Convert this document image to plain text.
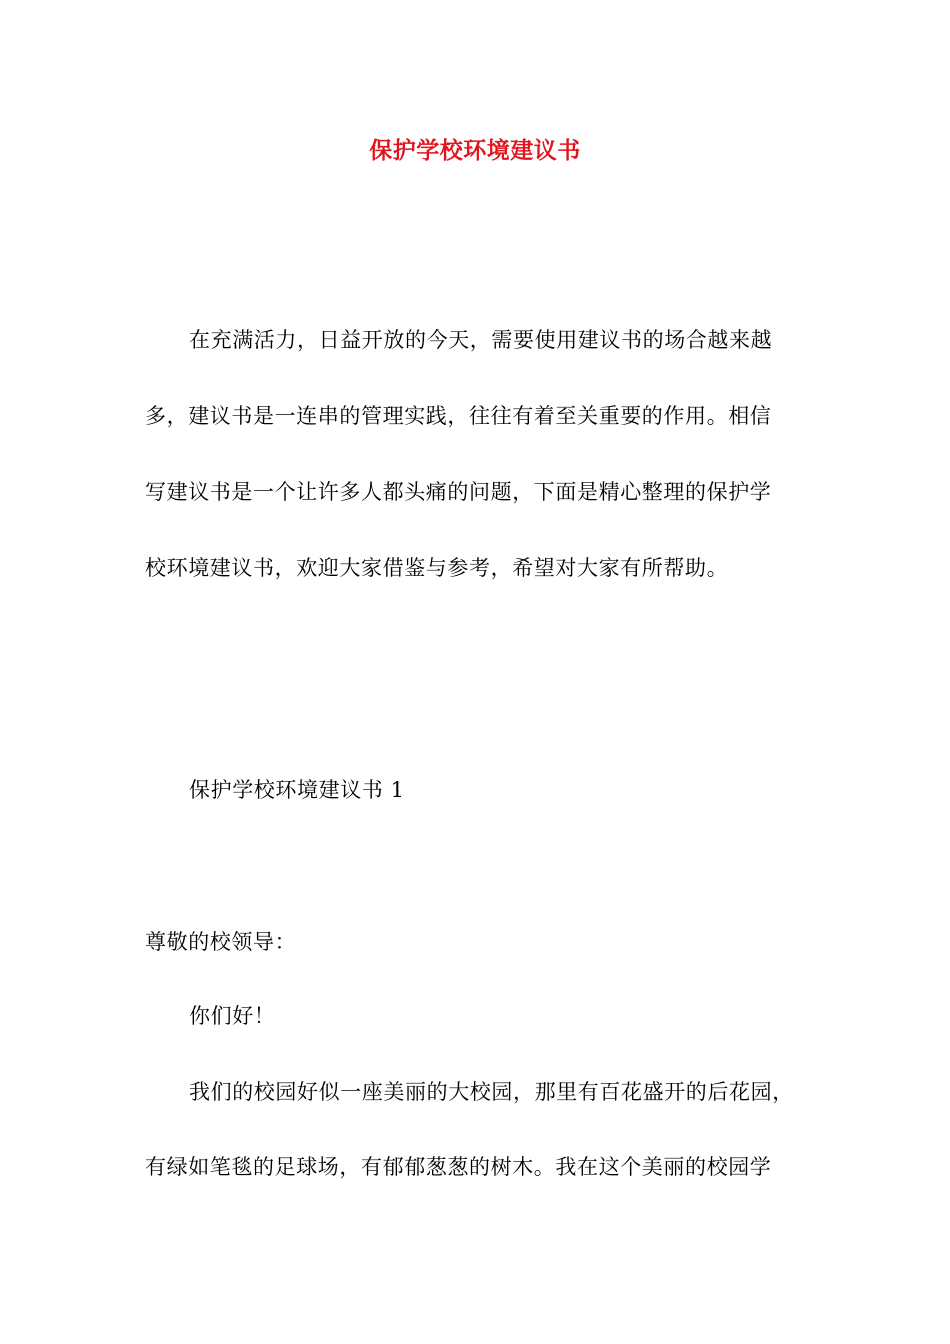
保护学校环境建议书
在充满活力，日益开放的今天，需要使用建议书的场合越来越
多，建议书是一连串的管理实践，往往有着至关重要的作用。相信
写建议书是一个让许多人都头痛的问题，下面是精心整理的保护学
校环境建议书，欢迎大家借鉴与参考，希望对大家有所帮助。
保护学校环境建议书 1
尊敬的校领导：
你们好！
我们的校园好似一座美丽的大校园，那里有百花盛开的后花园，
有绿如笔毯的足球场，有郁郁葱葱的树木。我在这个美丽的校园学
